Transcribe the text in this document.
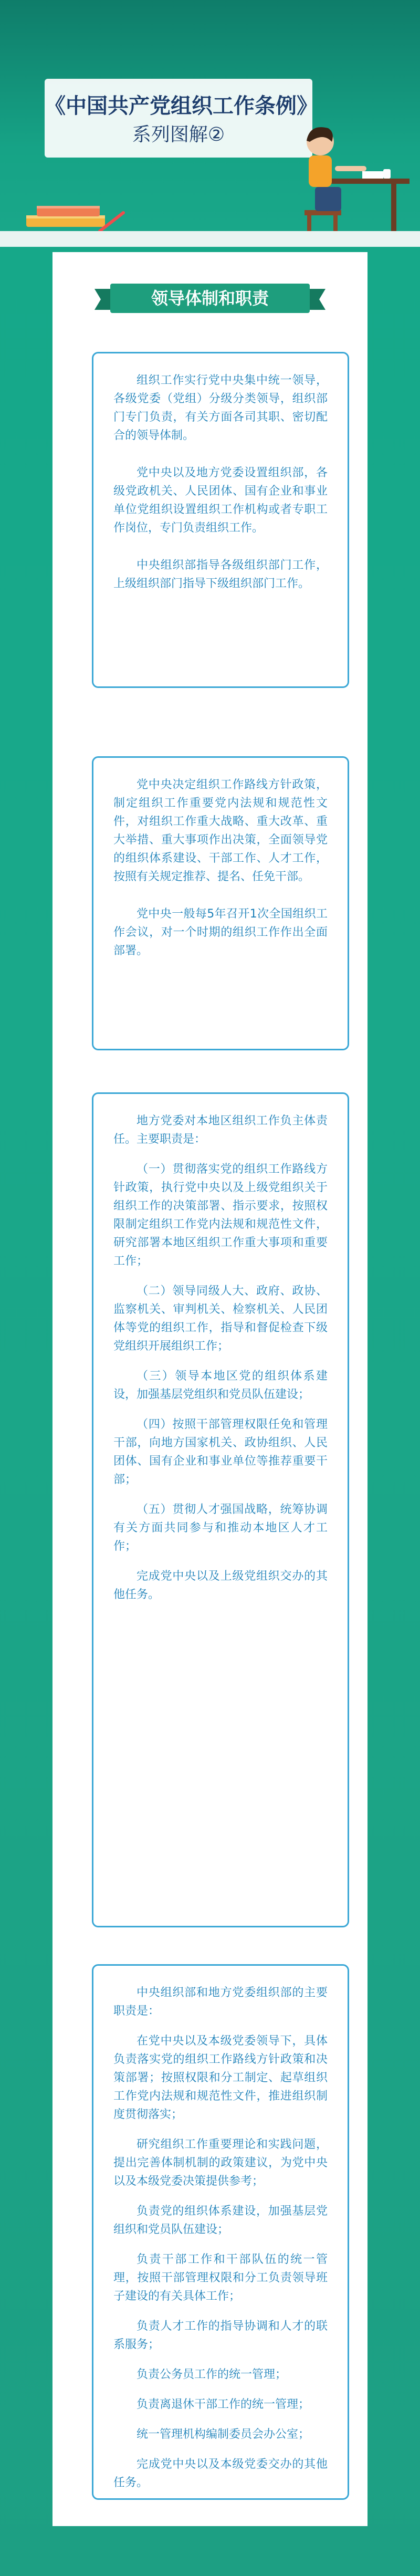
《中国共产党组织工作条例》
系列图解②
领导体制和职责

组织工作实行党中央集中统一领导，各级党委（党组）分级分类领导，组织部门专门负责，有关方面各司其职、密切配合的领导体制。

党中央以及地方党委设置组织部，各级党政机关、人民团体、国有企业和事业单位党组织设置组织工作机构或者专职工作岗位，专门负责组织工作。

中央组织部指导各级组织部门工作，上级组织部门指导下级组织部门工作。

党中央决定组织工作路线方针政策，制定组织工作重要党内法规和规范性文件，对组织工作重大战略、重大改革、重大举措、重大事项作出决策，全面领导党的组织体系建设、干部工作、人才工作，按照有关规定推荐、提名、任免干部。

党中央一般每5年召开1次全国组织工作会议，对一个时期的组织工作作出全面部署。

地方党委对本地区组织工作负主体责任。主要职责是：

（一）贯彻落实党的组织工作路线方针政策，执行党中央以及上级党组织关于组织工作的决策部署、指示要求，按照权限制定组织工作党内法规和规范性文件，研究部署本地区组织工作重大事项和重要工作；

（二）领导同级人大、政府、政协、监察机关、审判机关、检察机关、人民团体等党的组织工作，指导和督促检查下级党组织开展组织工作；

（三）领导本地区党的组织体系建设，加强基层党组织和党员队伍建设；

（四）按照干部管理权限任免和管理干部，向地方国家机关、政协组织、人民团体、国有企业和事业单位等推荐重要干部；

（五）贯彻人才强国战略，统筹协调有关方面共同参与和推动本地区人才工作；

完成党中央以及上级党组织交办的其他任务。

中央组织部和地方党委组织部的主要职责是：

在党中央以及本级党委领导下，具体负责落实党的组织工作路线方针政策和决策部署；按照权限和分工制定、起草组织工作党内法规和规范性文件，推进组织制度贯彻落实；

研究组织工作重要理论和实践问题，提出完善体制机制的政策建议，为党中央以及本级党委决策提供参考；

负责党的组织体系建设，加强基层党组织和党员队伍建设；

负责干部工作和干部队伍的统一管理，按照干部管理权限和分工负责领导班子建设的有关具体工作；

负责人才工作的指导协调和人才的联系服务；

负责公务员工作的统一管理；

负责离退休干部工作的统一管理；

统一管理机构编制委员会办公室；

完成党中央以及本级党委交办的其他任务。
